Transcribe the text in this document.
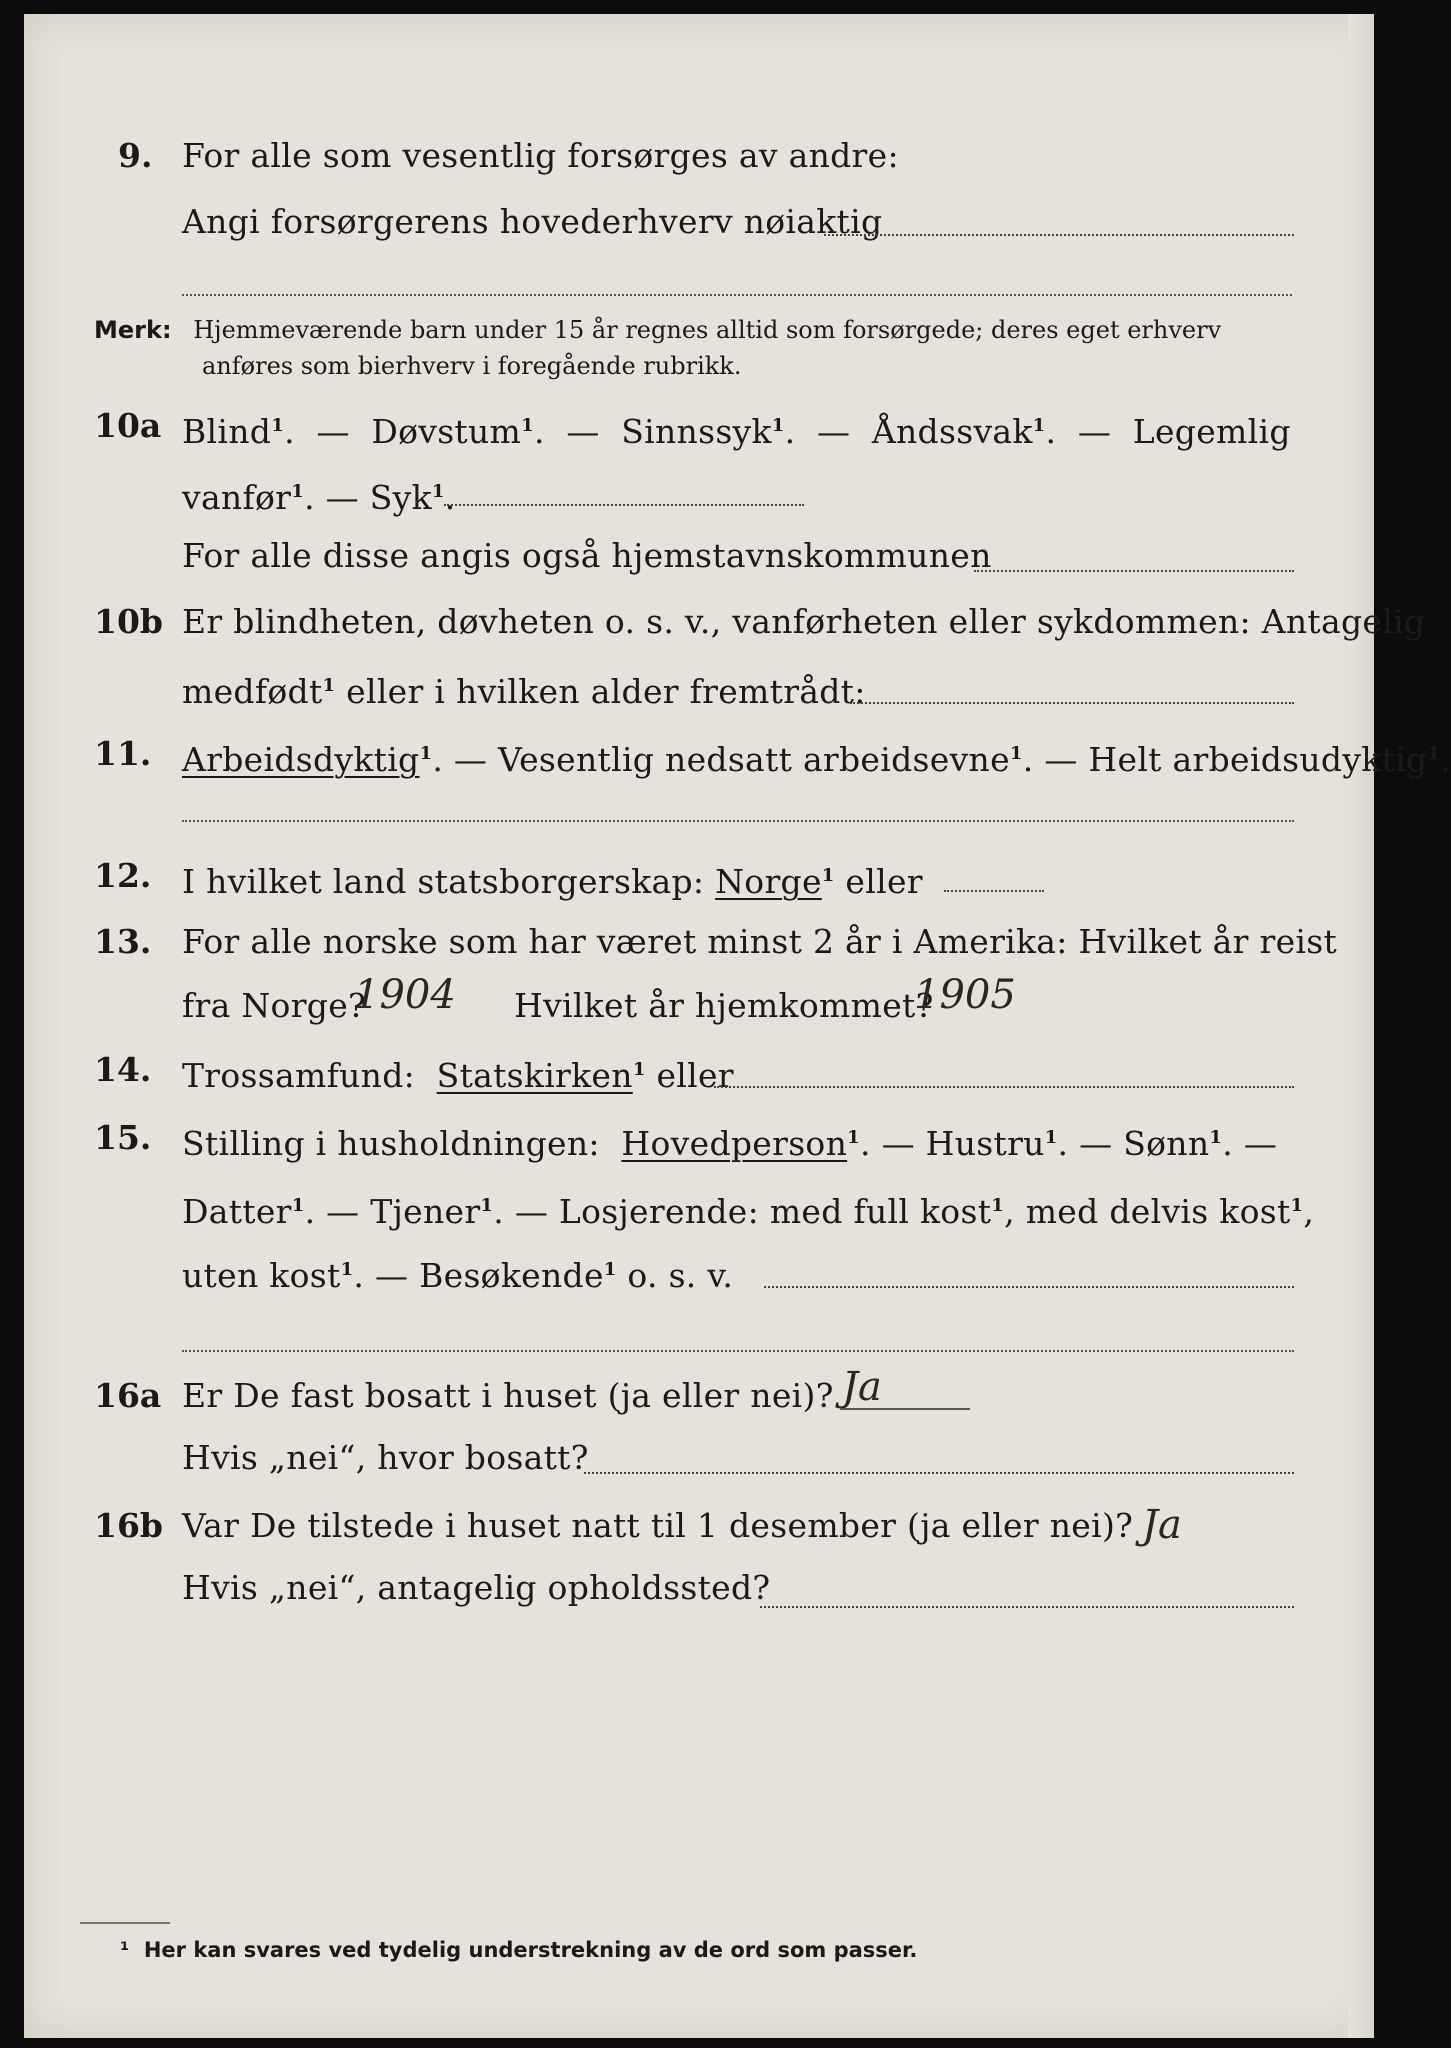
9. For alle som vesentlig forsørges av andre:
Angi forsørgerens hovederhverv nøiaktig
Merk: Hjemmeværende barn under 15 år regnes alltid som forsørgede; deres eget erhverv
anføres som bierhverv i foregående rubrikk.
10a Blind$^1$.  —  Døvstum$^1$.  —  Sinnssyk$^1$.  —  Åndssvak$^1$.  —  Legemlig
vanfør$^1$. — Syk$^1$.
For alle disse angis også hjemstavnskommunen
10b Er blindheten, døvheten o. s. v., vanførheten eller sykdommen: Antagelig
medfødt$^1$ eller i hvilken alder fremtrådt:
11. Arbeidsdyktig$^1$. — Vesentlig nedsatt arbeidsevne$^1$. — Helt arbeidsudyktig$^1$.
12. I hvilket land statsborgerskap: Norge$^1$ eller
13. For alle norske som har været minst 2 år i Amerika: Hvilket år reist
fra Norge?
1904 Hvilket år hjemkommet?
1905
14. Trossamfund: Statskirken$^1$ eller
15. Stilling i husholdningen: Hovedperson$^1$. — Hustru$^1$. — Sønn$^1$. —
Datter$^1$. — Tjener$^1$. — Losjerende: med full kost$^1$, med delvis kost$^1$,
uten kost$^1$. — Besøkende$^1$ o. s. v.
16a Er De fast bosatt i huset (ja eller nei)? Ja
Hvis „nei“, hvor bosatt?
16b Var De tilstede i huset natt til 1 desember (ja eller nei)? Ja
Hvis „nei“, antagelig opholdssted?
¹ Her kan svares ved tydelig understrekning av de ord som passer.
